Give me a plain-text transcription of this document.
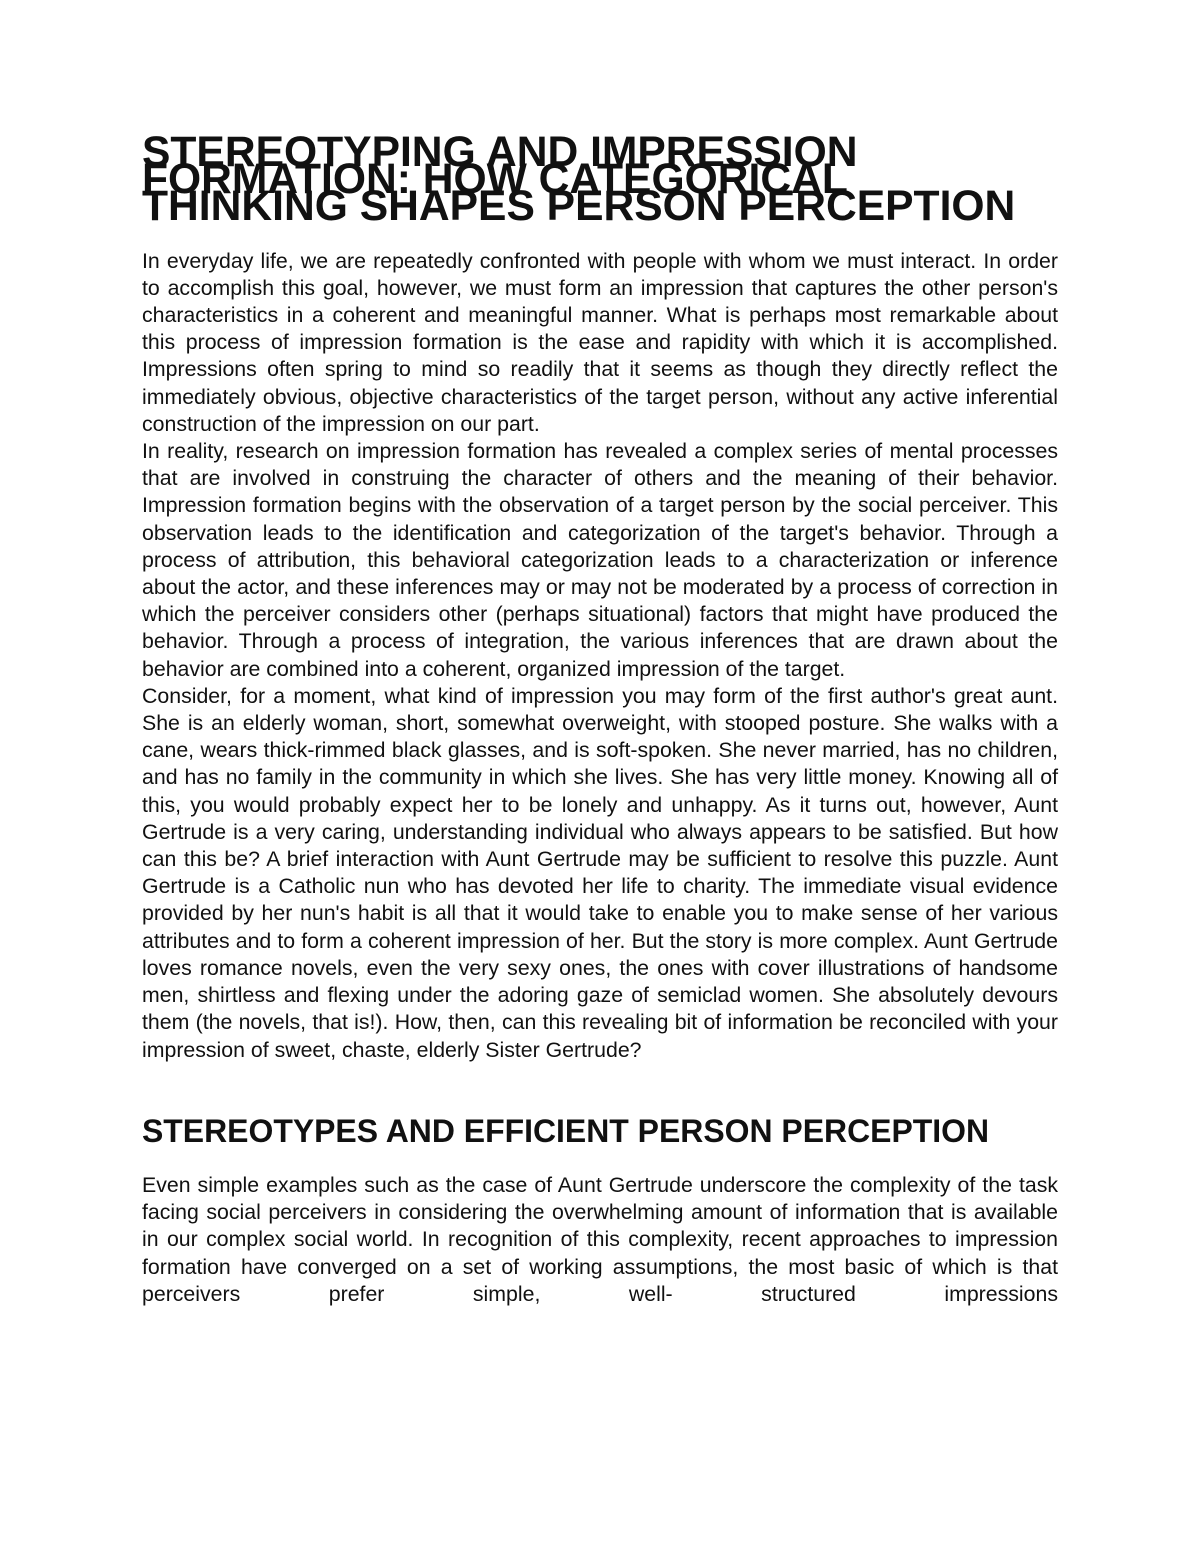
STEREOTYPING AND IMPRESSION FORMATION: HOW CATEGORICAL THINKING SHAPES PERSON PERCEPTION

In everyday life, we are repeatedly confronted with people with whom we must interact. In order to accomplish this goal, however, we must form an impression that captures the other person's characteristics in a coherent and meaningful manner. What is perhaps most remarkable about this process of impression formation is the ease and rapidity with which it is accomplished. Impressions often spring to mind so readily that it seems as though they directly reflect the immediately obvious, objective characteristics of the target person, without any active inferential construction of the impression on our part.

In reality, research on impression formation has revealed a complex series of mental processes that are involved in construing the character of others and the meaning of their behavior. Impression formation begins with the observation of a target person by the social perceiver. This observation leads to the identification and categorization of the target's behavior. Through a process of attribution, this behavioral categorization leads to a characterization or inference about the actor, and these inferences may or may not be moderated by a process of correction in which the perceiver considers other (perhaps situational) factors that might have produced the behavior. Through a process of integration, the various inferences that are drawn about the behavior are combined into a coherent, organized impression of the target.

Consider, for a moment, what kind of impression you may form of the first author's great aunt. She is an elderly woman, short, somewhat overweight, with stooped posture. She walks with a cane, wears thick-rimmed black glasses, and is soft-spoken. She never married, has no children, and has no family in the community in which she lives. She has very little money. Knowing all of this, you would probably expect her to be lonely and unhappy. As it turns out, however, Aunt Gertrude is a very caring, understanding individual who always appears to be satisfied. But how can this be? A brief interaction with Aunt Gertrude may be sufficient to resolve this puzzle. Aunt Gertrude is a Catholic nun who has devoted her life to charity. The immediate visual evidence provided by her nun's habit is all that it would take to enable you to make sense of her various attributes and to form a coherent impression of her. But the story is more complex. Aunt Gertrude loves romance novels, even the very sexy ones, the ones with cover illustrations of handsome men, shirtless and flexing under the adoring gaze of semiclad women. She absolutely devours them (the novels, that is!). How, then, can this revealing bit of information be reconciled with your impression of sweet, chaste, elderly Sister Gertrude?

STEREOTYPES AND EFFICIENT PERSON PERCEPTION

Even simple examples such as the case of Aunt Gertrude underscore the complexity of the task facing social perceivers in considering the overwhelming amount of information that is available in our complex social world. In recognition of this complexity, recent approaches to impression formation have converged on a set of working assumptions, the most basic of which is that perceivers prefer simple, well- structured impressions
